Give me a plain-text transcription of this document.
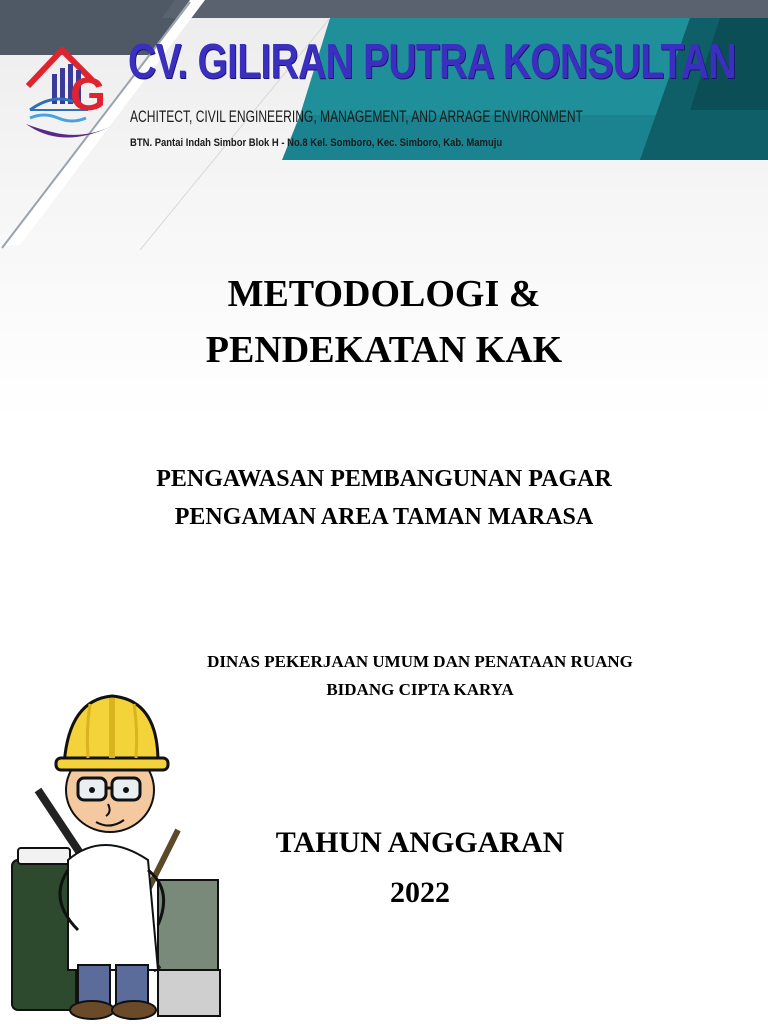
G
CV. GILIRAN PUTRA KONSULTAN
ACHITECT, CIVIL ENGINEERING, MANAGEMENT, AND ARRAGE ENVIRONMENT
BTN. Pantai Indah Simbor Blok H - No.8 Kel. Somboro, Kec. Simboro, Kab. Mamuju
METODOLOGI &
PENDEKATAN KAK
PENGAWASAN PEMBANGUNAN PAGAR
PENGAMAN AREA TAMAN MARASA
DINAS PEKERJAAN UMUM DAN PENATAAN RUANG
BIDANG CIPTA KARYA
TAHUN ANGGARAN
2022
